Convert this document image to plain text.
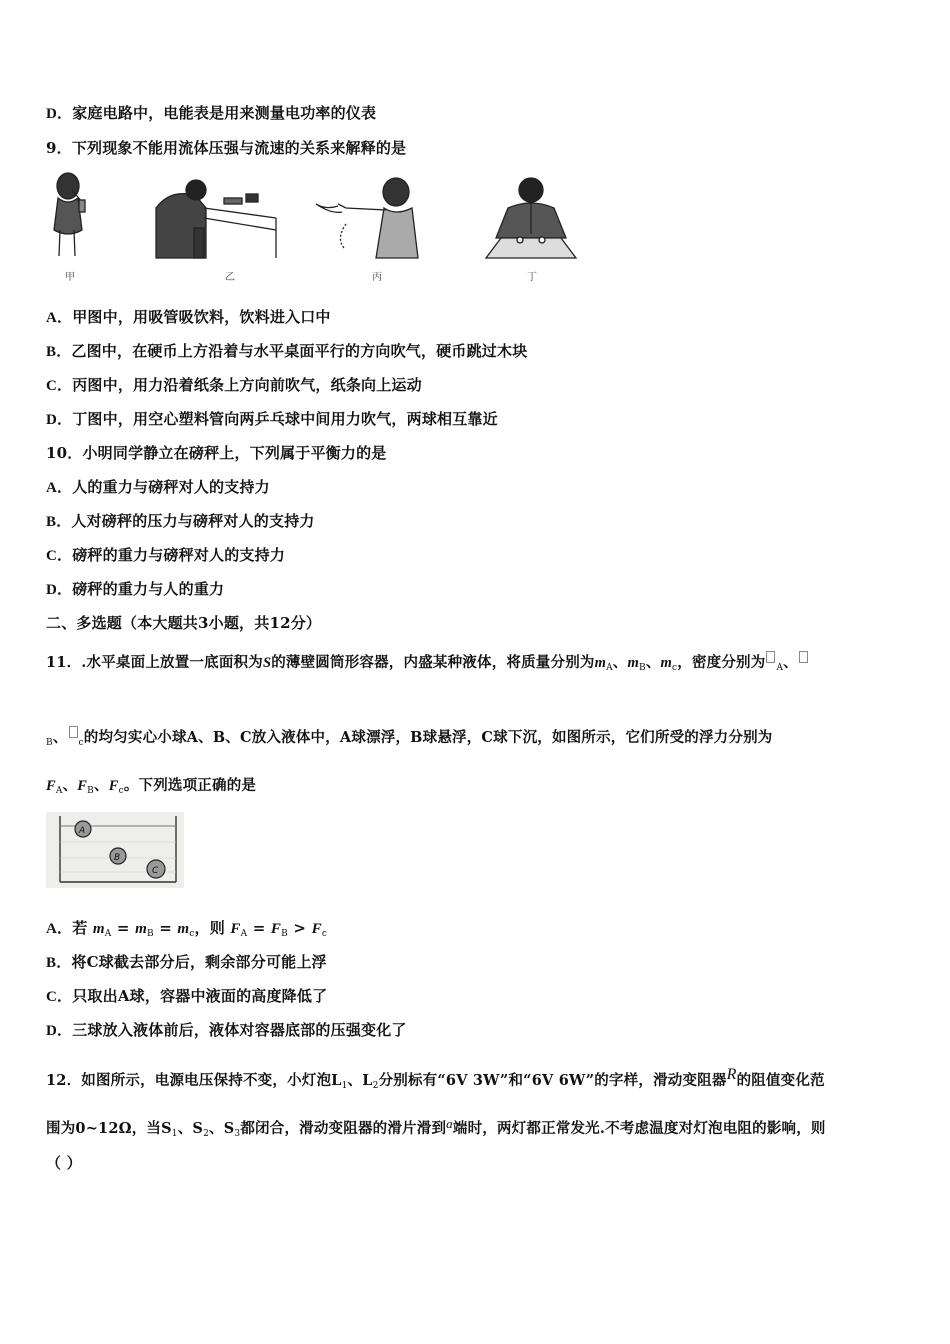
D．家庭电路中，电能表是用来测量电功率的仪表
9．下列现象不能用流体压强与流速的关系来解释的是
甲	乙	丙	丁
A．甲图中，用吸管吸饮料，饮料进入口中
B．乙图中，在硬币上方沿着与水平桌面平行的方向吹气，硬币跳过木块
C．丙图中，用力沿着纸条上方向前吹气，纸条向上运动
D．丁图中，用空心塑料管向两乒乓球中间用力吹气，两球相互靠近
10．小明同学静立在磅秤上，下列属于平衡力的是
A．人的重力与磅秤对人的支持力
B．人对磅秤的压力与磅秤对人的支持力
C．磅秤的重力与磅秤对人的支持力
D．磅秤的重力与人的重力
二、多选题（本大题共3小题，共12分）
11．.水平桌面上放置一底面积为S的薄壁圆筒形容器，内盛某种液体，将质量分别为$m_A$、$m_B$、$m_c$，密度分别为 $_A$、
$_B$、 $_c$的均匀实心小球A、B、C放入液体中，A球漂浮，B球悬浮，C球下沉，如图所示，它们所受的浮力分别为
$F_A$、$F_B$、$F_c$。下列选项正确的是
A
B
C
A．若 $m_A = m_B = m_c$，则 $F_A = F_B > F_c$
B．将C球截去部分后，剩余部分可能上浮
C．只取出A球，容器中液面的高度降低了
D．三球放入液体前后，液体对容器底部的压强变化了
12．如图所示，电源电压保持不变，小灯泡$L_1$、$L_2$分别标有“6V 3W”和“6V 6W”的字样，滑动变阻器R的阻值变化范
围为0~12Ω，当$S_1$、$S_2$、$S_3$都闭合，滑动变阻器的滑片滑到a端时，两灯都正常发光.不考虑温度对灯泡电阻的影响，则
（ ）
